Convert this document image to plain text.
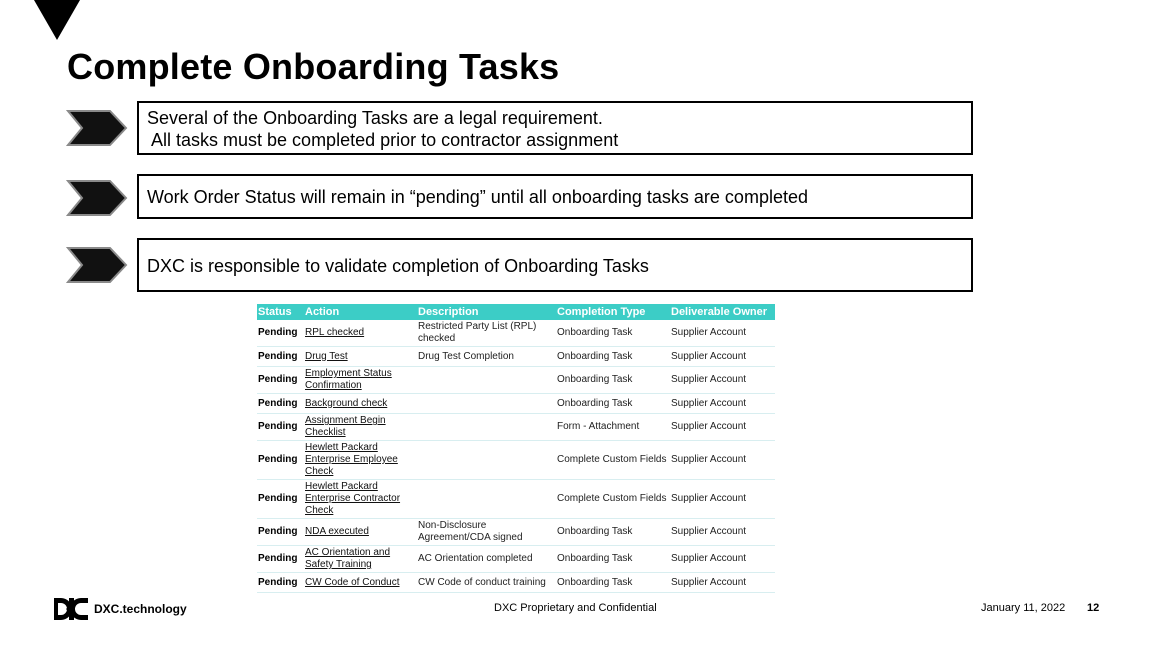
Complete Onboarding Tasks
Several of the Onboarding Tasks are a legal requirement.
All tasks must be completed prior to contractor assignment
Work Order Status will remain in “pending” until all onboarding tasks are completed
DXC is responsible to validate completion of Onboarding Tasks
Status	Action	Description	Completion Type	Deliverable Owner
Pending	RPL checked	Restricted Party List (RPL) checked	Onboarding Task	Supplier Account
Pending	Drug Test	Drug Test Completion	Onboarding Task	Supplier Account
Pending	Employment Status Confirmation		Onboarding Task	Supplier Account
Pending	Background check		Onboarding Task	Supplier Account
Pending	Assignment Begin Checklist		Form - Attachment	Supplier Account
Pending	Hewlett Packard Enterprise Employee Check		Complete Custom Fields	Supplier Account
Pending	Hewlett Packard Enterprise Contractor Check		Complete Custom Fields	Supplier Account
Pending	NDA executed	Non-Disclosure Agreement/CDA signed	Onboarding Task	Supplier Account
Pending	AC Orientation and Safety Training	AC Orientation completed	Onboarding Task	Supplier Account
Pending	CW Code of Conduct	CW Code of conduct training	Onboarding Task	Supplier Account
DXC.technology	DXC Proprietary and Confidential	January 11, 2022 12
